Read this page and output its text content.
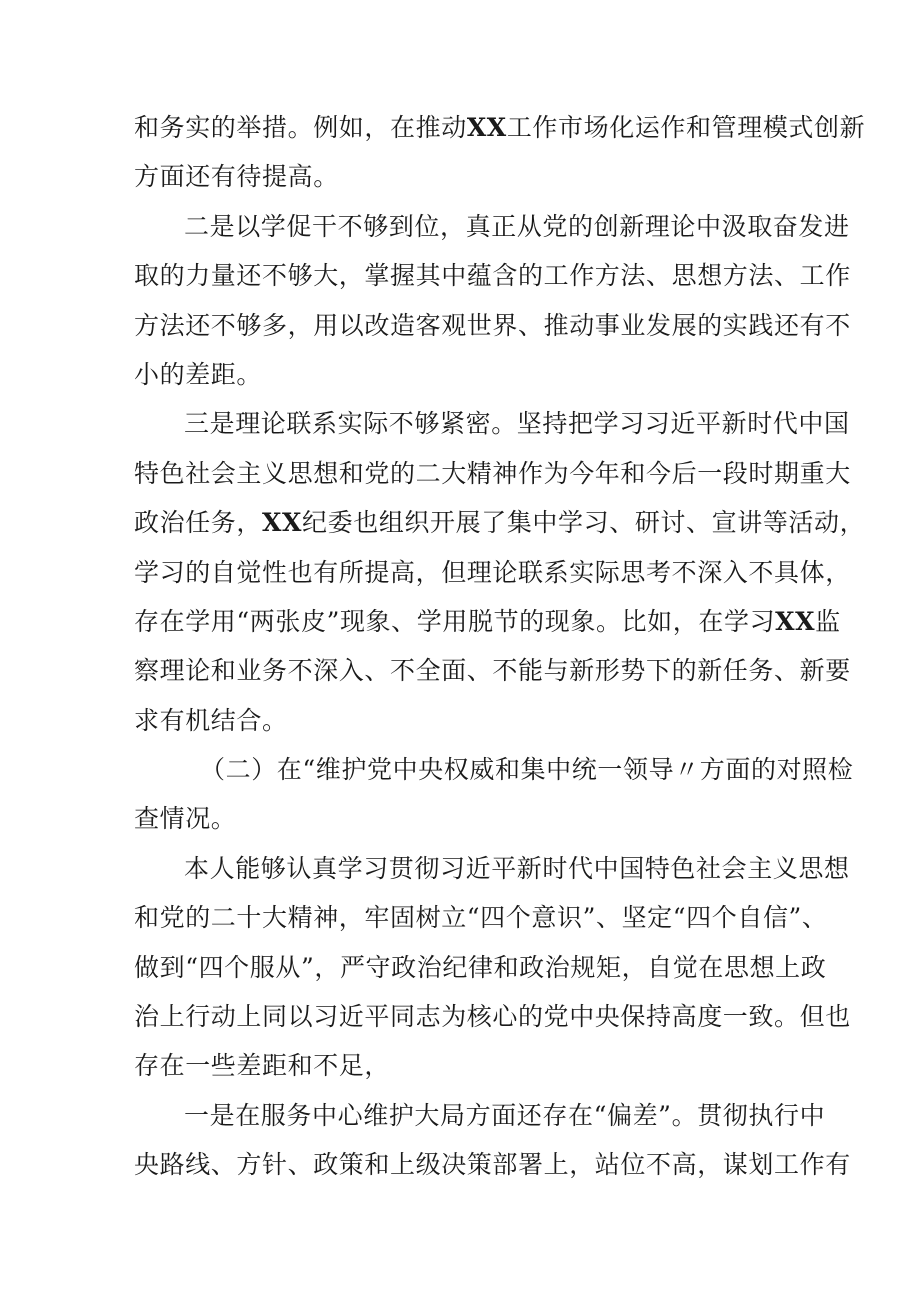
和务实的举措。例如，在推动XX工作市场化运作和管理模式创新
方面还有待提高。
二是以学促干不够到位，真正从党的创新理论中汲取奋发进
取的力量还不够大，掌握其中蕴含的工作方法、思想方法、工作
方法还不够多，用以改造客观世界、推动事业发展的实践还有不
小的差距。
三是理论联系实际不够紧密。坚持把学习习近平新时代中国
特色社会主义思想和党的二大精神作为今年和今后一段时期重大
政治任务，XX纪委也组织开展了集中学习、研讨、宣讲等活动，
学习的自觉性也有所提高，但理论联系实际思考不深入不具体，
存在学用“两张皮”现象、学用脱节的现象。比如，在学习XX监
察理论和业务不深入、不全面、不能与新形势下的新任务、新要
求有机结合。
（二）在“维护党中央权威和集中统一领导〃方面的对照检
查情况。
本人能够认真学习贯彻习近平新时代中国特色社会主义思想
和党的二十大精神，牢固树立“四个意识”、坚定“四个自信”、
做到“四个服从”，严守政治纪律和政治规矩，自觉在思想上政
治上行动上同以习近平同志为核心的党中央保持高度一致。但也
存在一些差距和不足，
一是在服务中心维护大局方面还存在“偏差”。贯彻执行中
央路线、方针、政策和上级决策部署上，站位不高，谋划工作有
